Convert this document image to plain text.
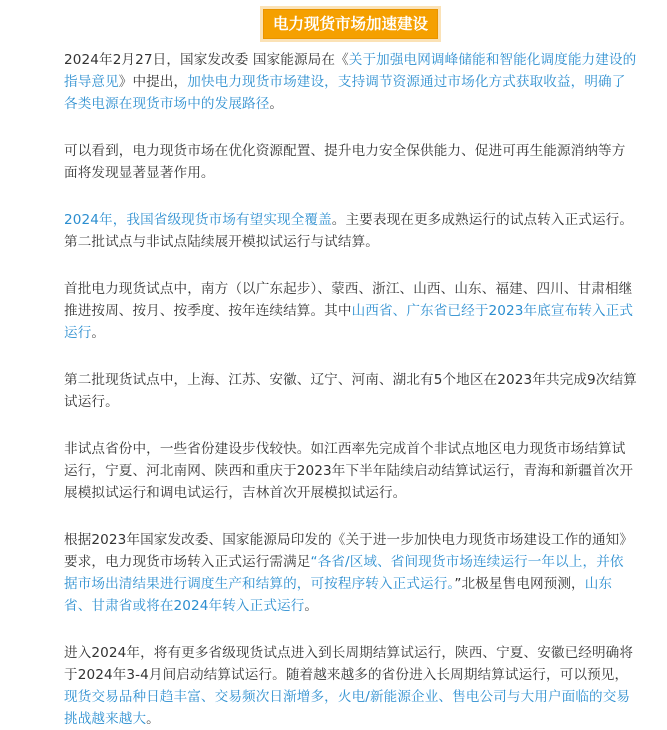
电力现货市场加速建设

2024年2月27日，国家发改委 国家能源局在《关于加强电网调峰储能和智能化调度能力建设的指导意见》中提出，加快电力现货市场建设，支持调节资源通过市场化方式获取收益，明确了各类电源在现货市场中的发展路径。

可以看到，电力现货市场在优化资源配置、提升电力安全保供能力、促进可再生能源消纳等方面将发现显著显著作用。

2024年，我国省级现货市场有望实现全覆盖。主要表现在更多成熟运行的试点转入正式运行。第二批试点与非试点陆续展开模拟试运行与试结算。

首批电力现货试点中，南方（以广东起步）、蒙西、浙江、山西、山东、福建、四川、甘肃相继推进按周、按月、按季度、按年连续结算。其中山西省、广东省已经于2023年底宣布转入正式运行。

第二批现货试点中，上海、江苏、安徽、辽宁、河南、湖北有5个地区在2023年共完成9次结算试运行。

非试点省份中，一些省份建设步伐较快。如江西率先完成首个非试点地区电力现货市场结算试运行，宁夏、河北南网、陕西和重庆于2023年下半年陆续启动结算试运行，青海和新疆首次开展模拟试运行和调电试运行，吉林首次开展模拟试运行。

根据2023年国家发改委、国家能源局印发的《关于进一步加快电力现货市场建设工作的通知》要求，电力现货市场转入正式运行需满足“各省/区域、省间现货市场连续运行一年以上，并依据市场出清结果进行调度生产和结算的，可按程序转入正式运行。”北极星售电网预测，山东省、甘肃省或将在2024年转入正式运行。

进入2024年，将有更多省级现货试点进入到长周期结算试运行，陕西、宁夏、安徽已经明确将于2024年3-4月间启动结算试运行。随着越来越多的省份进入长周期结算试运行，可以预见，现货交易品种日趋丰富、交易频次日渐增多，火电/新能源企业、售电公司与大用户面临的交易挑战越来越大。
